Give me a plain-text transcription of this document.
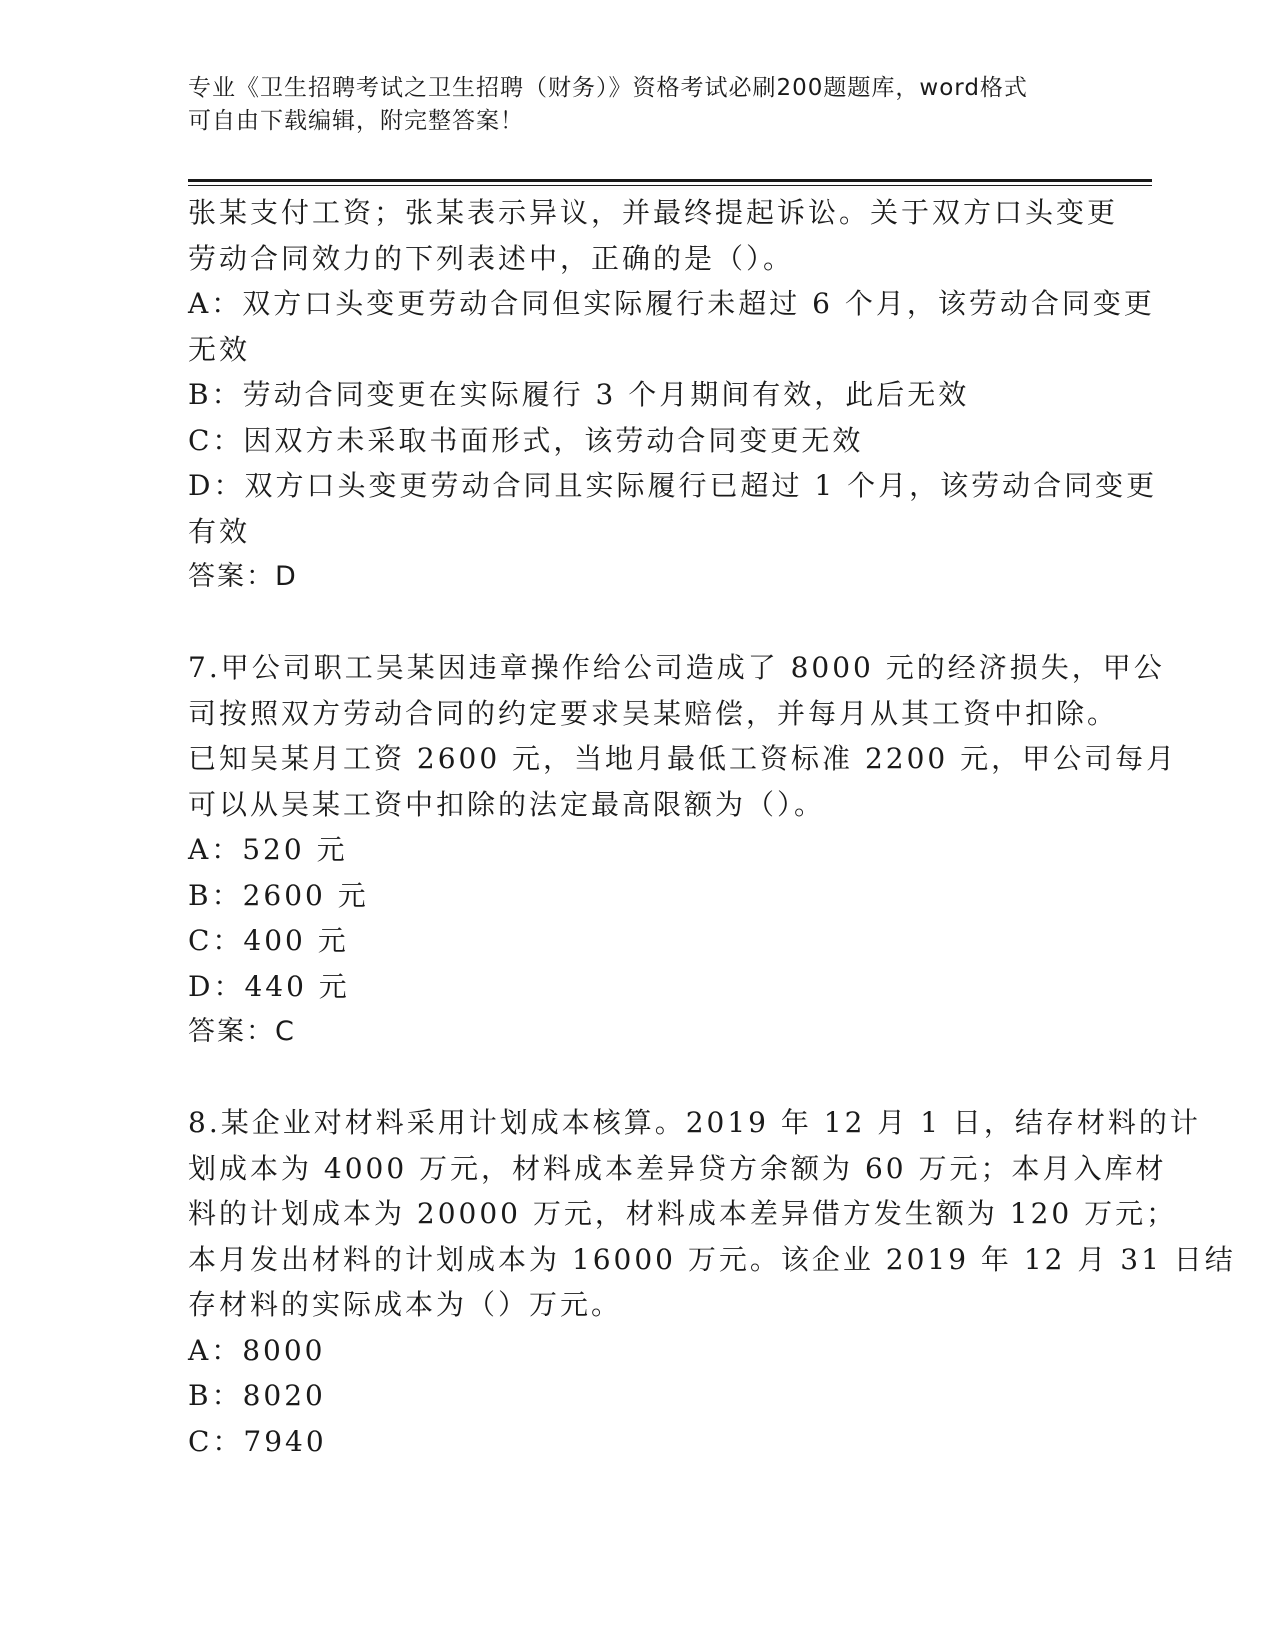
专业《卫生招聘考试之卫生招聘（财务）》资格考试必刷200题题库，word格式
可自由下载编辑，附完整答案！
张某支付工资；张某表示异议，并最终提起诉讼。关于双方口头变更
劳动合同效力的下列表述中，正确的是（）。
A：双方口头变更劳动合同但实际履行未超过 6 个月，该劳动合同变更
无效
B：劳动合同变更在实际履行 3 个月期间有效，此后无效
C：因双方未采取书面形式，该劳动合同变更无效
D：双方口头变更劳动合同且实际履行已超过 1 个月，该劳动合同变更
有效
答案：D
7.甲公司职工吴某因违章操作给公司造成了 8000 元的经济损失，甲公
司按照双方劳动合同的约定要求吴某赔偿，并每月从其工资中扣除。
已知吴某月工资 2600 元，当地月最低工资标准 2200 元，甲公司每月
可以从吴某工资中扣除的法定最高限额为（）。
A：520 元
B：2600 元
C：400 元
D：440 元
答案：C
8.某企业对材料采用计划成本核算。2019 年 12 月 1 日，结存材料的计
划成本为 4000 万元，材料成本差异贷方余额为 60 万元；本月入库材
料的计划成本为 20000 万元，材料成本差异借方发生额为 120 万元；
本月发出材料的计划成本为 16000 万元。该企业 2019 年 12 月 31 日结
存材料的实际成本为（）万元。
A：8000
B：8020
C：7940
